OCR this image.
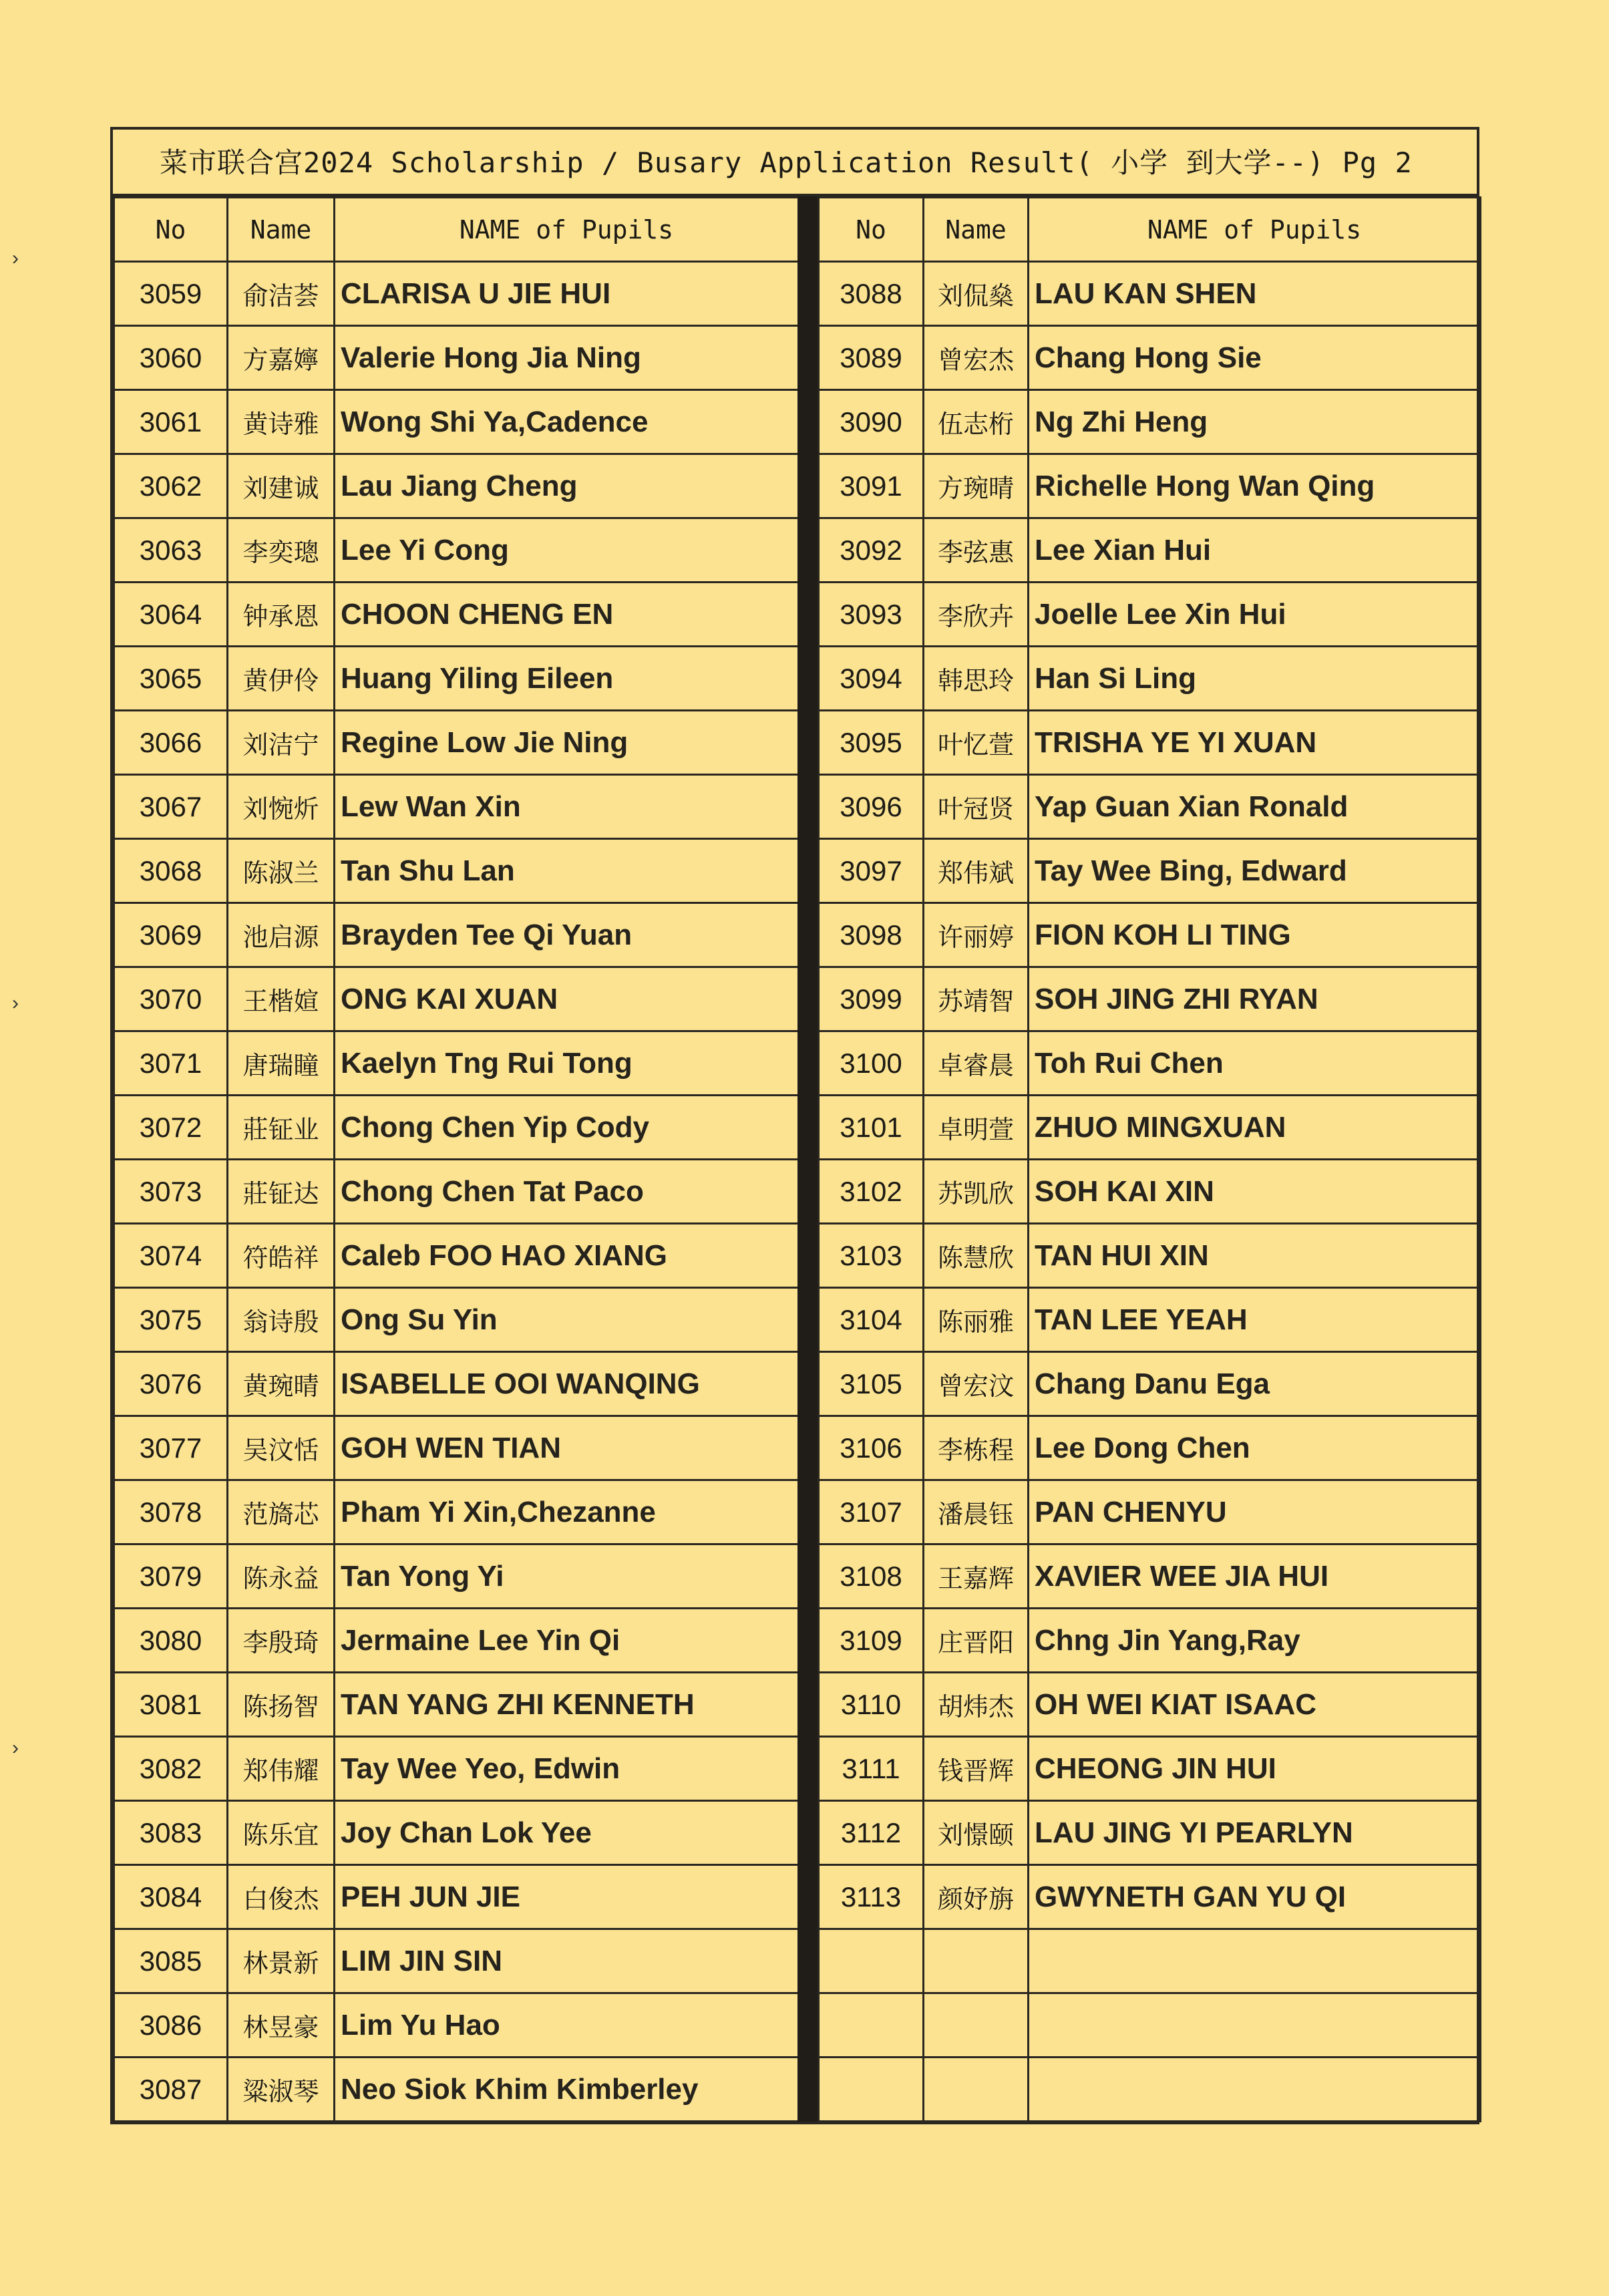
菜市联合宫2024 Scholarship / Busary Application Result( 小学 到大学--) Pg 2
No	Name	NAME of Pupils
3059	俞洁荟	CLARISA U JIE HUI
3060	方嘉嬣	Valerie Hong Jia Ning
3061	黄诗雅	Wong Shi Ya,Cadence
3062	刘建诚	Lau Jiang Cheng
3063	李奕璁	Lee Yi Cong
3064	钟承恩	CHOON CHENG EN
3065	黄伊伶	Huang Yiling Eileen
3066	刘洁宁	Regine Low Jie Ning
3067	刘惋炘	Lew Wan Xin
3068	陈淑兰	Tan Shu Lan
3069	池启源	Brayden Tee Qi Yuan
3070	王楷媗	ONG KAI XUAN
3071	唐瑞瞳	Kaelyn Tng Rui Tong
3072	莊钲业	Chong Chen Yip Cody
3073	莊钲达	Chong Chen Tat Paco
3074	符皓祥	Caleb FOO HAO XIANG
3075	翁诗殷	Ong Su Yin
3076	黄琬晴	ISABELLE OOI WANQING
3077	吴汶恬	GOH WEN TIAN
3078	范旖芯	Pham Yi Xin,Chezanne
3079	陈永益	Tan Yong Yi
3080	李殷琦	Jermaine Lee Yin Qi
3081	陈扬智	TAN YANG ZHI KENNETH
3082	郑伟耀	Tay Wee Yeo, Edwin
3083	陈乐宜	Joy Chan Lok Yee
3084	白俊杰	PEH JUN JIE
3085	林景新	LIM JIN SIN
3086	林昱豪	Lim Yu Hao
3087	粱淑琴	Neo Siok Khim Kimberley
No	Name	NAME of Pupils
3088	刘侃燊	LAU KAN SHEN
3089	曾宏杰	Chang Hong Sie
3090	伍志桁	Ng Zhi Heng
3091	方琬晴	Richelle Hong Wan Qing
3092	李弦惠	Lee Xian Hui
3093	李欣卉	Joelle Lee Xin Hui
3094	韩思玲	Han Si Ling
3095	叶忆萱	TRISHA YE YI XUAN
3096	叶冠贤	Yap Guan Xian Ronald
3097	郑伟斌	Tay Wee Bing, Edward
3098	许丽婷	FION KOH LI TING
3099	苏靖智	SOH JING ZHI RYAN
3100	卓睿晨	Toh Rui Chen
3101	卓明萱	ZHUO MINGXUAN
3102	苏凯欣	SOH KAI XIN
3103	陈慧欣	TAN HUI XIN
3104	陈丽雅	TAN LEE YEAH
3105	曾宏汶	Chang Danu Ega
3106	李栋程	Lee Dong Chen
3107	潘晨钰	PAN CHENYU
3108	王嘉辉	XAVIER WEE JIA HUI
3109	庄晋阳	Chng Jin Yang,Ray
3110	胡炜杰	OH WEI KIAT ISAAC
3111	钱晋辉	CHEONG JIN HUI
3112	刘憬颐	LAU JING YI PEARLYN
3113	颜妤旃	GWYNETH GAN YU QI

›
›
›
